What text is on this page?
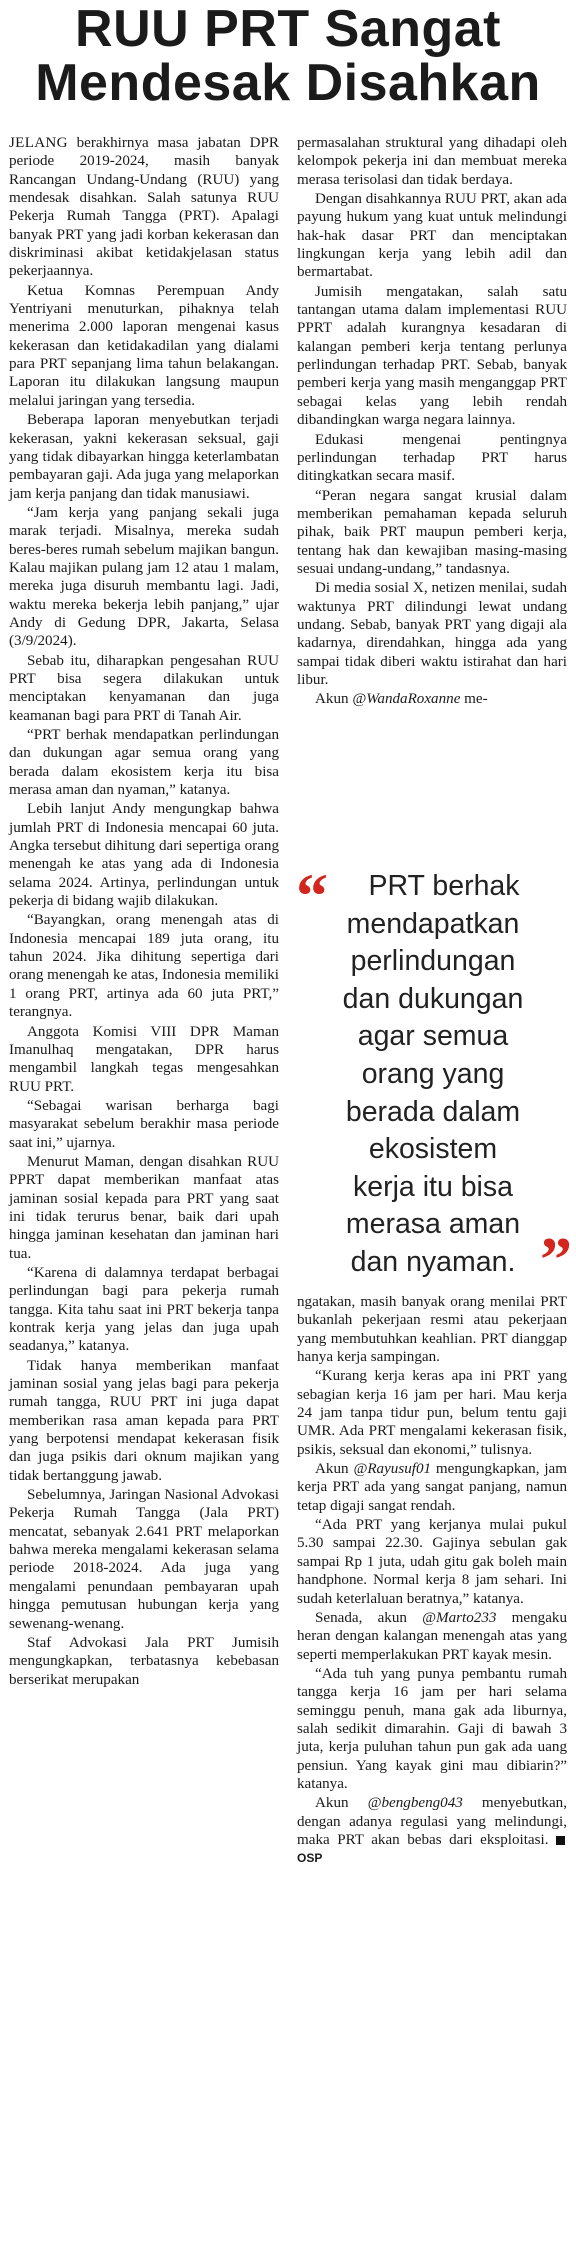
RUU PRT Sangat
Mendesak Disahkan

JELANG berakhirnya masa jabatan DPR periode 2019-2024, masih banyak Rancangan Undang-Undang (RUU) yang mendesak disahkan. Salah satunya RUU Pekerja Rumah Tangga (PRT). Apalagi banyak PRT yang jadi korban kekerasan dan diskriminasi akibat ketidakjelasan status pekerjaannya.

Ketua Komnas Perempuan Andy Yentriyani menuturkan, pihaknya telah menerima 2.000 laporan mengenai kasus kekerasan dan ketidakadilan yang dialami para PRT sepanjang lima tahun belakangan. Laporan itu dilakukan langsung maupun melalui jaringan yang tersedia.

Beberapa laporan menyebutkan terjadi kekerasan, yakni kekerasan seksual, gaji yang tidak dibayarkan hingga keterlambatan pembayaran gaji. Ada juga yang melaporkan jam kerja panjang dan tidak manusiawi.

“Jam kerja yang panjang sekali juga marak terjadi. Misalnya, mereka sudah beres-beres rumah sebelum majikan bangun. Kalau majikan pulang jam 12 atau 1 malam, mereka juga disuruh membantu lagi. Jadi, waktu mereka bekerja lebih panjang,” ujar Andy di Gedung DPR, Jakarta, Selasa (3/9/2024).

Sebab itu, diharapkan pengesahan RUU PRT bisa segera dilakukan untuk menciptakan kenyamanan dan juga keamanan bagi para PRT di Tanah Air.

“PRT berhak mendapatkan perlindungan dan dukungan agar semua orang yang berada dalam ekosistem kerja itu bisa merasa aman dan nyaman,” katanya.

Lebih lanjut Andy mengungkap bahwa jumlah PRT di Indonesia mencapai 60 juta. Angka tersebut dihitung dari sepertiga orang menengah ke atas yang ada di Indonesia selama 2024. Artinya, perlindungan untuk pekerja di bidang wajib dilakukan.

“Bayangkan, orang menengah atas di Indonesia mencapai 189 juta orang, itu tahun 2024. Jika dihitung sepertiga dari orang menengah ke atas, Indonesia memiliki 1 orang PRT, artinya ada 60 juta PRT,” terangnya.

Anggota Komisi VIII DPR Maman Imanulhaq mengatakan, DPR harus mengambil langkah tegas mengesahkan RUU PRT.

“Sebagai warisan berharga bagi masyarakat sebelum berakhir masa periode saat ini,” ujarnya.

Menurut Maman, dengan disahkan RUU PPRT dapat memberikan manfaat atas jaminan sosial kepada para PRT yang saat ini tidak terurus benar, baik dari upah hingga jaminan kesehatan dan jaminan hari tua.

“Karena di dalamnya terdapat berbagai perlindungan bagi para pekerja rumah tangga. Kita tahu saat ini PRT bekerja tanpa kontrak kerja yang jelas dan juga upah seadanya,” katanya.

Tidak hanya memberikan manfaat jaminan sosial yang jelas bagi para pekerja rumah tangga, RUU PRT ini juga dapat memberikan rasa aman kepada para PRT yang berpotensi mendapat kekerasan fisik dan juga psikis dari oknum majikan yang tidak bertanggung jawab.

Sebelumnya, Jaringan Nasional Advokasi Pekerja Rumah Tangga (Jala PRT) mencatat, sebanyak 2.641 PRT melaporkan bahwa mereka mengalami kekerasan selama periode 2018-2024. Ada juga yang mengalami penundaan pembayaran upah hingga pemutusan hubungan kerja yang sewenang-wenang.

Staf Advokasi Jala PRT Jumisih mengungkapkan, terbatasnya kebebasan berserikat merupakan

permasalahan struktural yang dihadapi oleh kelompok pekerja ini dan membuat mereka merasa terisolasi dan tidak berdaya.

Dengan disahkannya RUU PRT, akan ada payung hukum yang kuat untuk melindungi hak-hak dasar PRT dan menciptakan lingkungan kerja yang lebih adil dan bermartabat.

Jumisih mengatakan, salah satu tantangan utama dalam implementasi RUU PPRT adalah kurangnya kesadaran di kalangan pemberi kerja tentang perlunya perlindungan terhadap PRT. Sebab, banyak pemberi kerja yang masih menganggap PRT sebagai kelas yang lebih rendah dibandingkan warga negara lainnya.

Edukasi mengenai pentingnya perlindungan terhadap PRT harus ditingkatkan secara masif.

“Peran negara sangat krusial dalam memberikan pemahaman kepada seluruh pihak, baik PRT maupun pemberi kerja, tentang hak dan kewajiban masing-masing sesuai undang-undang,” tandasnya.

Di media sosial X, netizen menilai, sudah waktunya PRT dilindungi lewat undang undang. Sebab, banyak PRT yang digaji ala kadarnya, direndahkan, hingga ada yang sampai tidak diberi waktu istirahat dan hari libur.

Akun @WandaRoxanne me-

“	PRT berhak
mendapatkan
perlindungan
dan dukungan
agar semua
orang yang
berada dalam
ekosistem
kerja itu bisa
merasa aman
dan nyaman. ”

ngatakan, masih banyak orang menilai PRT bukanlah pekerjaan resmi atau pekerjaan yang membutuhkan keahlian. PRT dianggap hanya kerja sampingan.

“Kurang kerja keras apa ini PRT yang sebagian kerja 16 jam per hari. Mau kerja 24 jam tanpa tidur pun, belum tentu gaji UMR. Ada PRT mengalami kekerasan fisik, psikis, seksual dan ekonomi,” tulisnya.

Akun @Rayusuf01 mengungkapkan, jam kerja PRT ada yang sangat panjang, namun tetap digaji sangat rendah.

“Ada PRT yang kerjanya mulai pukul 5.30 sampai 22.30. Gajinya sebulan gak sampai Rp 1 juta, udah gitu gak boleh main handphone. Normal kerja 8 jam sehari. Ini sudah keterlaluan beratnya,” katanya.

Senada, akun @Marto233 mengaku heran dengan kalangan menengah atas yang seperti memperlakukan PRT kayak mesin.

“Ada tuh yang punya pembantu rumah tangga kerja 16 jam per hari selama seminggu penuh, mana gak ada liburnya, salah sedikit dimarahin. Gaji di bawah 3 juta, kerja puluhan tahun pun gak ada uang pensiun. Yang kayak gini mau dibiarin?” katanya.

Akun @bengbeng043 menyebutkan, dengan adanya regulasi yang melindungi, maka PRT akan bebas dari eksploitasi. OSP
